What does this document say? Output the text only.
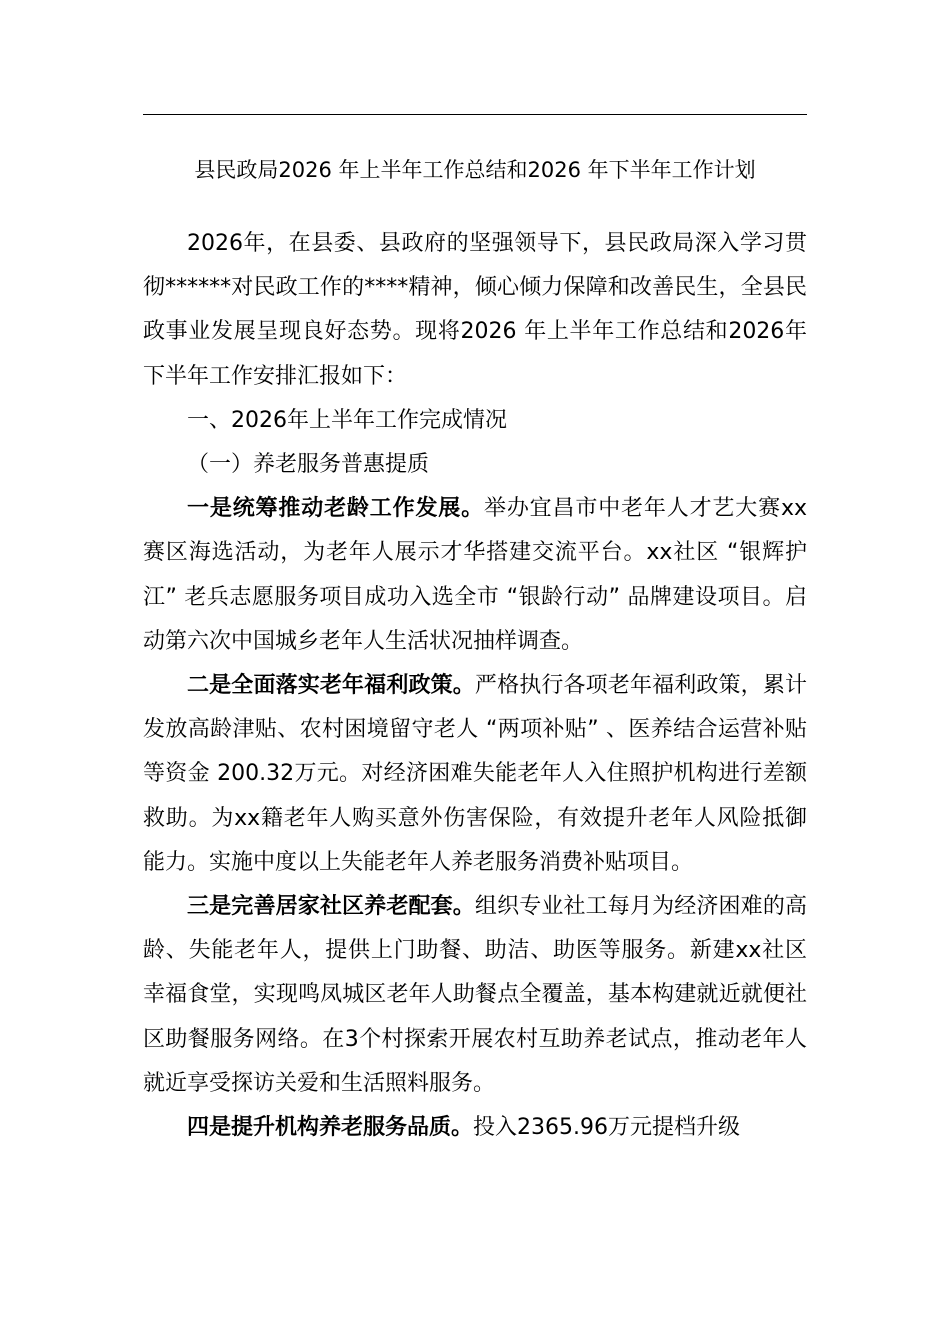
县民政局2026 年上半年工作总结和2026 年下半年工作计划

2026年，在县委、县政府的坚强领导下，县民政局深入学习贯彻******对民政工作的****精神，倾心倾力保障和改善民生，全县民政事业发展呈现良好态势。现将2026 年上半年工作总结和2026年下半年工作安排汇报如下：

一、2026年上半年工作完成情况

（一）养老服务普惠提质

一是统筹推动老龄工作发展。举办宜昌市中老年人才艺大赛xx赛区海选活动，为老年人展示才华搭建交流平台。xx社区 “银辉护江” 老兵志愿服务项目成功入选全市 “银龄行动” 品牌建设项目。启动第六次中国城乡老年人生活状况抽样调查。

二是全面落实老年福利政策。严格执行各项老年福利政策，累计发放高龄津贴、农村困境留守老人 “两项补贴” 、医养结合运营补贴等资金 200.32万元。对经济困难失能老年人入住照护机构进行差额救助。为xx籍老年人购买意外伤害保险，有效提升老年人风险抵御能力。实施中度以上失能老年人养老服务消费补贴项目。

三是完善居家社区养老配套。组织专业社工每月为经济困难的高龄、失能老年人，提供上门助餐、助洁、助医等服务。新建xx社区幸福食堂，实现鸣凤城区老年人助餐点全覆盖，基本构建就近就便社区助餐服务网络。在3个村探索开展农村互助养老试点，推动老年人就近享受探访关爱和生活照料服务。

四是提升机构养老服务品质。投入2365.96万元提档升级
